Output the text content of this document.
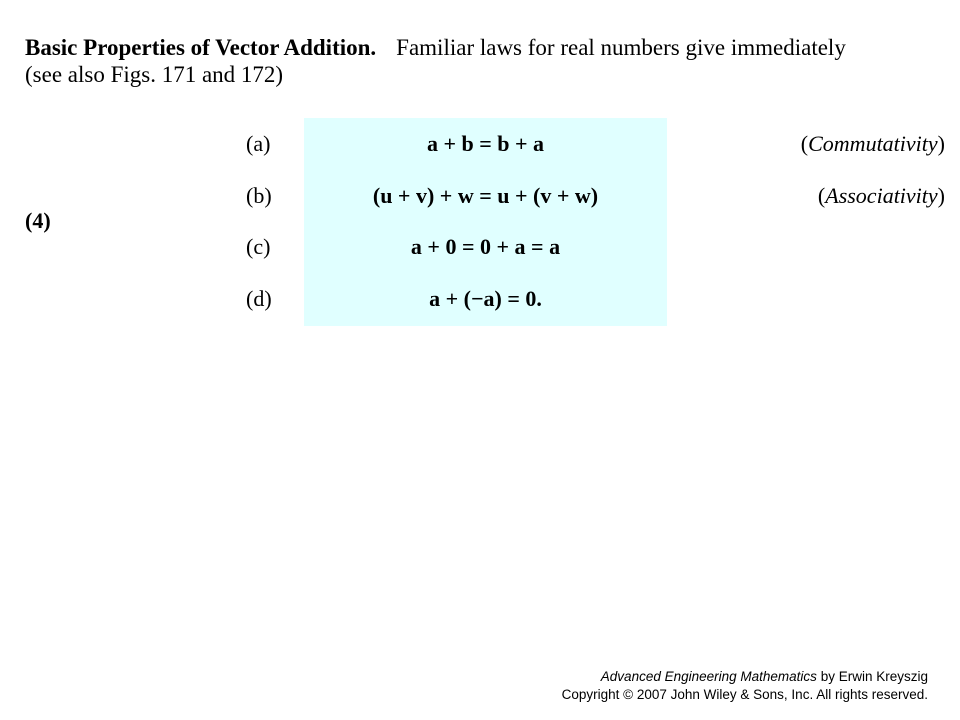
Basic Properties of Vector Addition. Familiar laws for real numbers give immediately
(see also Figs. 171 and 172)
(4)
(a)	a + b = b + a	(Commutativity)
(b)	(u + v) + w = u + (v + w)	(Associativity)
(c)	a + 0 = 0 + a = a
(d)	a + (−a) = 0.
Advanced Engineering Mathematics by Erwin Kreyszig
Copyright © 2007 John Wiley & Sons, Inc. All rights reserved.
